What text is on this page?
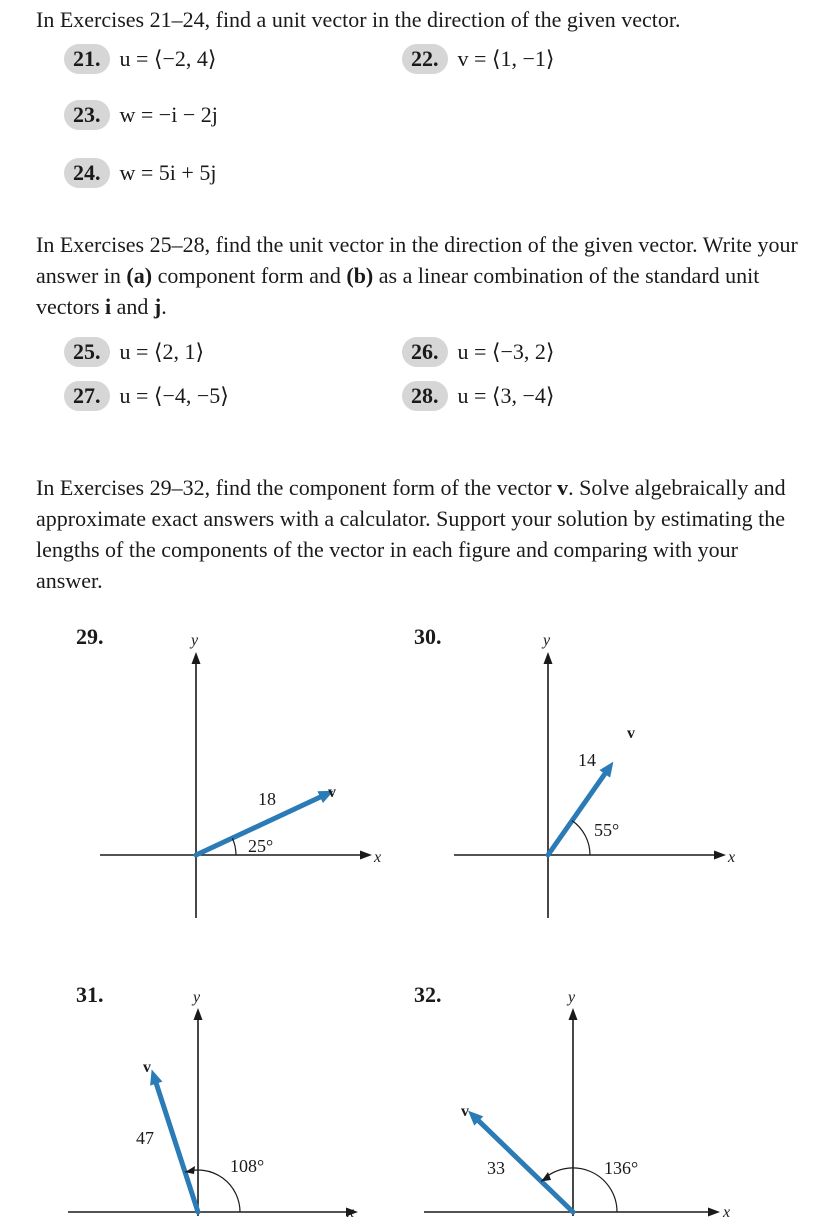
In Exercises 21–24, find a unit vector in the direction of the given vector.

21. u = ⟨−2, 4⟩	22. v = ⟨1, −1⟩
23. w = −i − 2j
24. w = 5i + 5j

In Exercises 25–28, find the unit vector in the direction of the given vector. Write your answer in (a) component form and (b) as a linear combination of the standard unit vectors i and j.

25. u = ⟨2, 1⟩	26. u = ⟨−3, 2⟩
27. u = ⟨−4, −5⟩	28. u = ⟨3, −4⟩

In Exercises 29–32, find the component form of the vector v. Solve algebraically and approximate exact answers with a calculator. Support your solution by estimating the lengths of the components of the vector in each figure and comparing with your answer.

29.	30.
31.	32.
x
y
25°
18	v
x
y
55°
14
v
x
y
108°
47
v
x
y
136°
33
v
